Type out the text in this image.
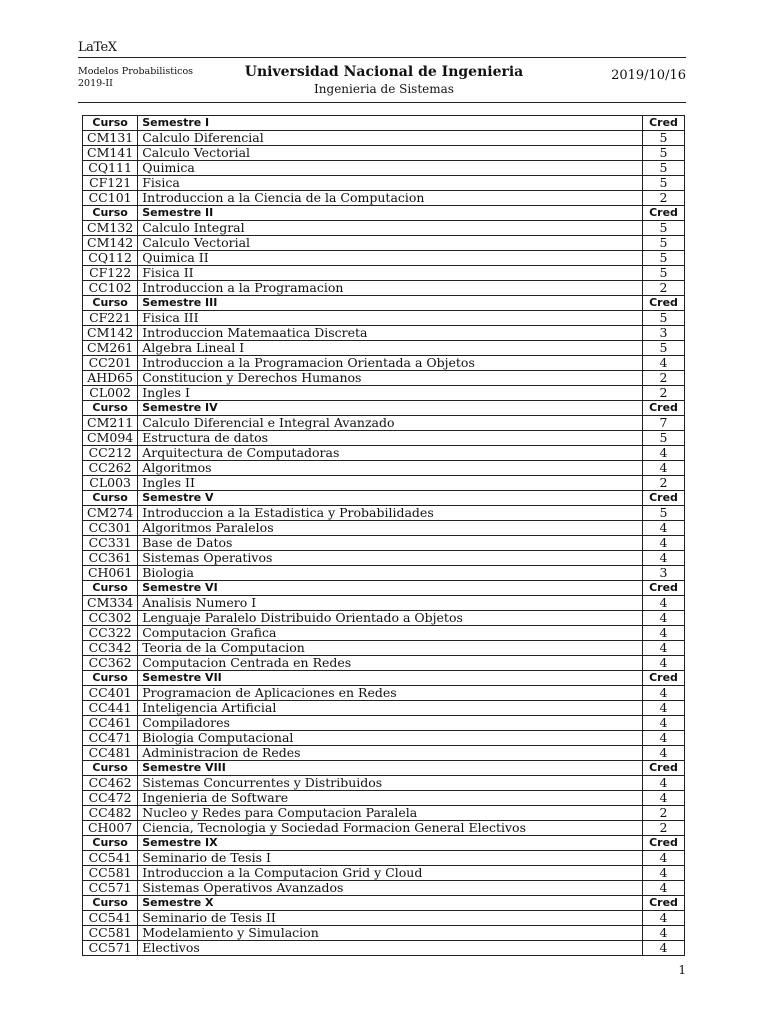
LaTeX
Modelos Probabilisticos
2019-II
Universidad Nacional de Ingenieria
Ingenieria de Sistemas
2019/10/16
Curso	Semestre I	Cred
CM131	Calculo Diferencial	5
CM141	Calculo Vectorial	5
CQ111	Quimica	5
CF121	Fisica	5
CC101	Introduccion a la Ciencia de la Computacion	2
Curso	Semestre II	Cred
CM132	Calculo Integral	5
CM142	Calculo Vectorial	5
CQ112	Quimica II	5
CF122	Fisica II	5
CC102	Introduccion a la Programacion	2
Curso	Semestre III	Cred
CF221	Fisica III	5
CM142	Introduccion Matemaatica Discreta	3
CM261	Algebra Lineal I	5
CC201	Introduccion a la Programacion Orientada a Objetos	4
AHD65	Constitucion y Derechos Humanos	2
CL002	Ingles I	2
Curso	Semestre IV	Cred
CM211	Calculo Diferencial e Integral Avanzado	7
CM094	Estructura de datos	5
CC212	Arquitectura de Computadoras	4
CC262	Algoritmos	4
CL003	Ingles II	2
Curso	Semestre V	Cred
CM274	Introduccion a la Estadistica y Probabilidades	5
CC301	Algoritmos Paralelos	4
CC331	Base de Datos	4
CC361	Sistemas Operativos	4
CH061	Biologia	3
Curso	Semestre VI	Cred
CM334	Analisis Numero I	4
CC302	Lenguaje Paralelo Distribuido Orientado a Objetos	4
CC322	Computacion Grafica	4
CC342	Teoria de la Computacion	4
CC362	Computacion Centrada en Redes	4
Curso	Semestre VII	Cred
CC401	Programacion de Aplicaciones en Redes	4
CC441	Inteligencia Artificial	4
CC461	Compiladores	4
CC471	Biologia Computacional	4
CC481	Administracion de Redes	4
Curso	Semestre VIII	Cred
CC462	Sistemas Concurrentes y Distribuidos	4
CC472	Ingenieria de Software	4
CC482	Nucleo y Redes para Computacion Paralela	2
CH007	Ciencia, Tecnologia y Sociedad Formacion General Electivos	2
Curso	Semestre IX	Cred
CC541	Seminario de Tesis I	4
CC581	Introduccion a la Computacion Grid y Cloud	4
CC571	Sistemas Operativos Avanzados	4
Curso	Semestre X	Cred
CC541	Seminario de Tesis II	4
CC581	Modelamiento y Simulacion	4
CC571	Electivos	4
1
